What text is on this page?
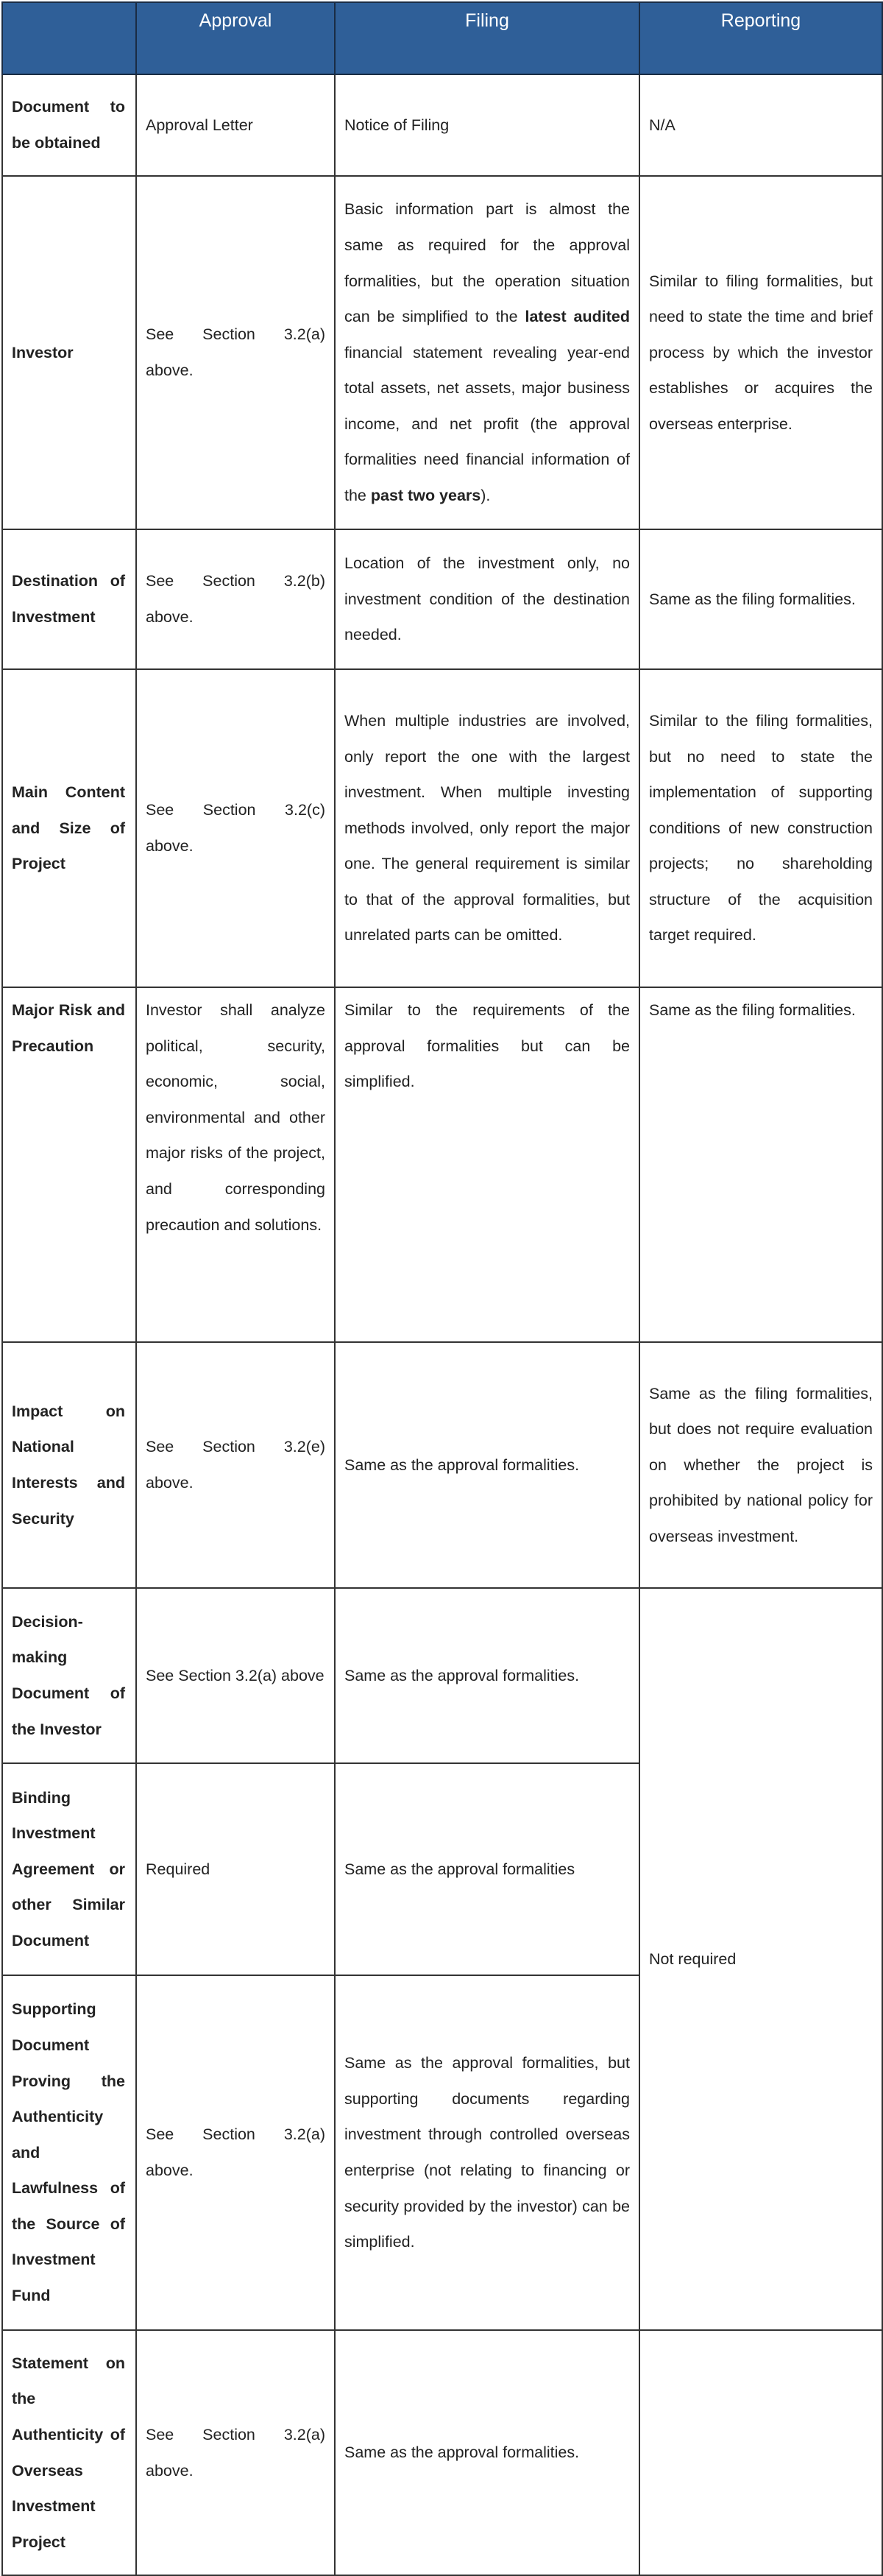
	Approval	Filing	Reporting
Document to be obtained	Approval Letter	Notice of Filing	N/A
Investor	See Section 3.2(a) above.	Basic information part is almost the same as required for the approval formalities, but the operation situation can be simplified to the latest audited financial statement revealing year-end total assets, net assets, major business income, and net profit (the approval formalities need financial information of the past two years).	Similar to filing formalities, but need to state the time and brief process by which the investor establishes or acquires the overseas enterprise.
Destination of Investment	See Section 3.2(b) above.	Location of the investment only, no investment condition of the destination needed.	Same as the filing formalities.
Main Content and Size of Project	See Section 3.2(c) above.	When multiple industries are involved, only report the one with the largest investment. When multiple investing methods involved, only report the major one. The general requirement is similar to that of the approval formalities, but unrelated parts can be omitted.	Similar to the filing formalities, but no need to state the implementation of supporting conditions of new construction projects; no shareholding structure of the acquisition target required.
Major Risk and Precaution	Investor shall analyze political, security, economic, social, environmental and other major risks of the project, and corresponding precaution and solutions.	Similar to the requirements of the approval formalities but can be simplified.	Same as the filing formalities.
Impact on National Interests and Security	See Section 3.2(e) above.	Same as the approval formalities.	Same as the filing formalities, but does not require evaluation on whether the project is prohibited by national policy for overseas investment.
Decision-making Document of the Investor	See Section 3.2(a) above	Same as the approval formalities.	Not required
Binding Investment Agreement or other Similar Document	Required	Same as the approval formalities	
Supporting Document Proving the Authenticity and Lawfulness of the Source of Investment Fund	See Section 3.2(a) above.	Same as the approval formalities, but supporting documents regarding investment through controlled overseas enterprise (not relating to financing or security provided by the investor) can be simplified.	
Statement on the Authenticity of Overseas Investment Project	See Section 3.2(a) above.	Same as the approval formalities.	
